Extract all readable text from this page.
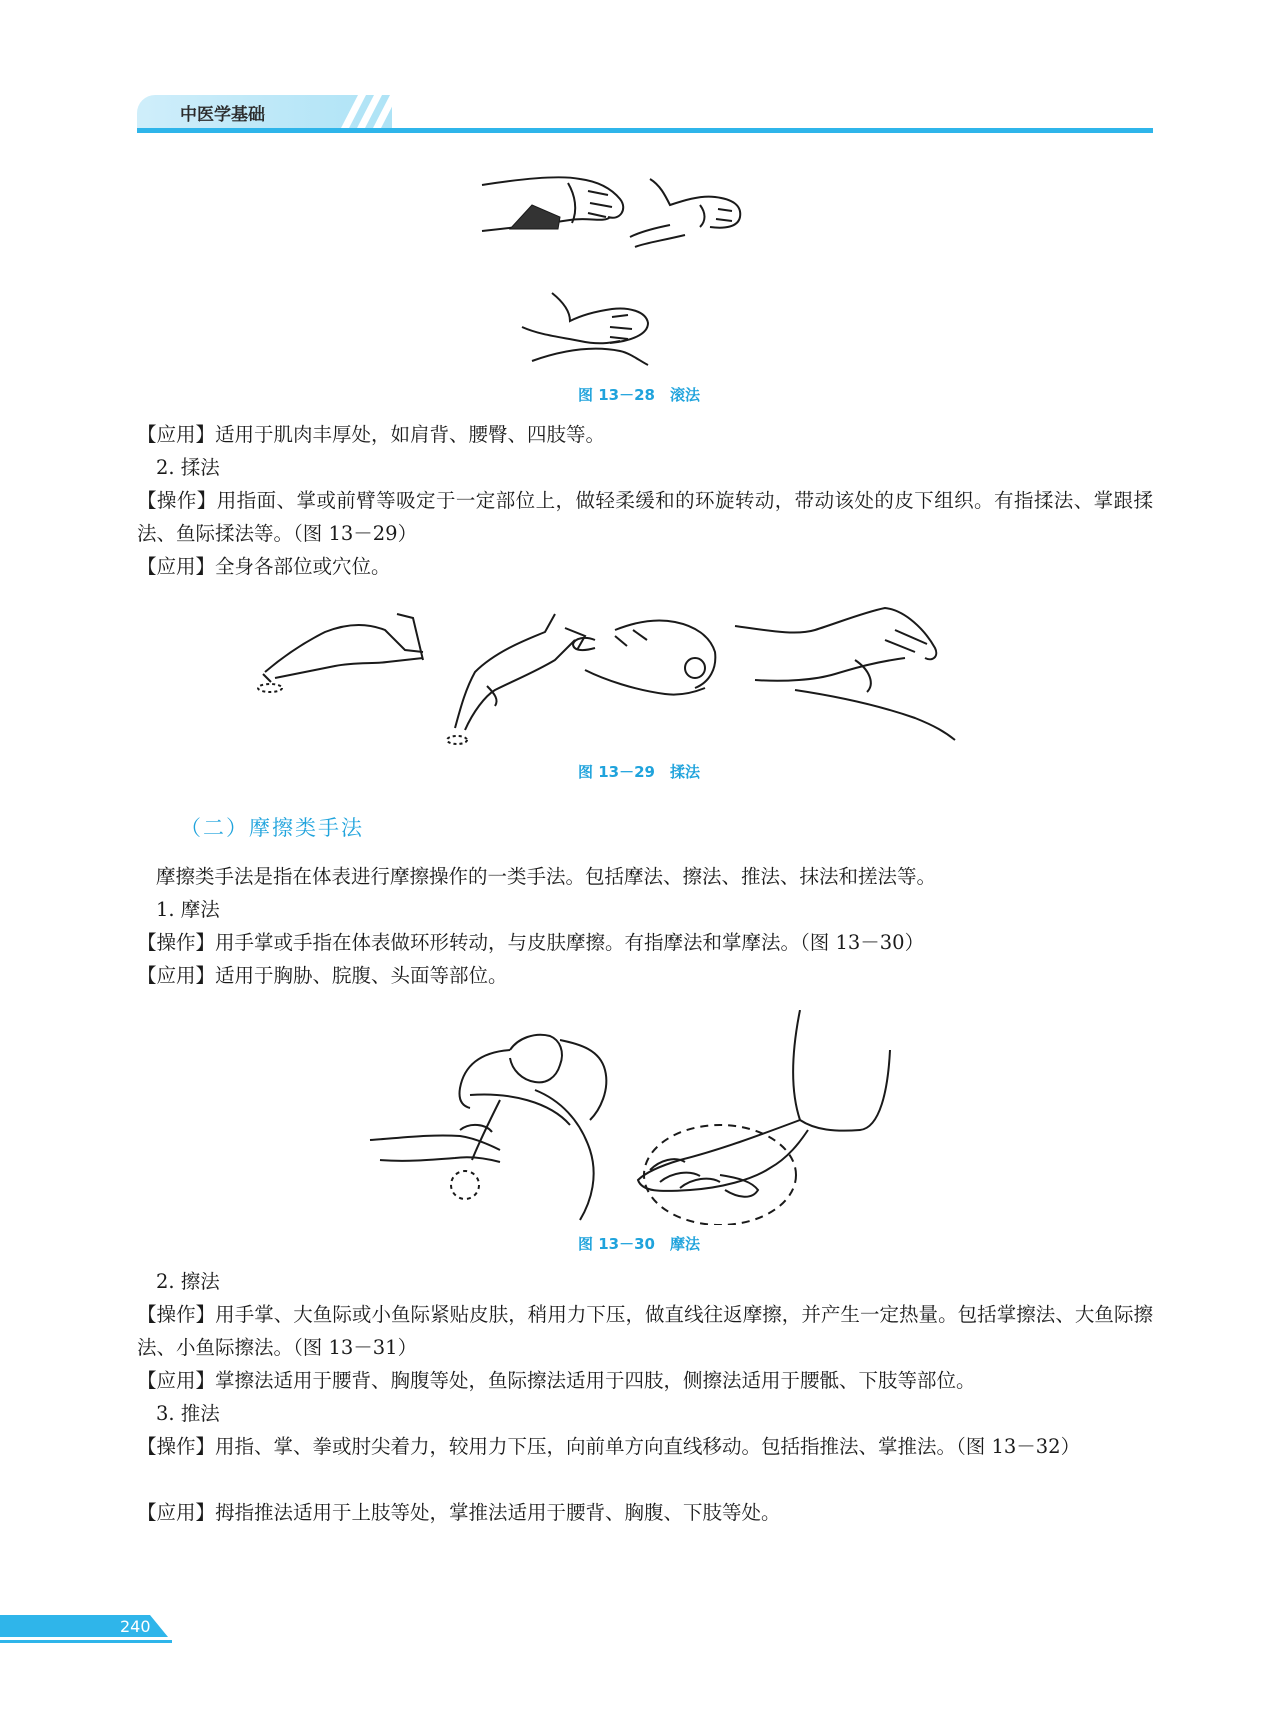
中医学基础
图 13－28　滚法
【应用】适用于肌肉丰厚处，如肩背、腰臀、四肢等。
2. 揉法
【操作】用指面、掌或前臂等吸定于一定部位上，做轻柔缓和的环旋转动，带动该处的皮下组织。有指揉法、掌跟揉法、鱼际揉法等。（图 13－29）
【应用】全身各部位或穴位。
图 13－29　揉法
（二）摩擦类手法
摩擦类手法是指在体表进行摩擦操作的一类手法。包括摩法、擦法、推法、抹法和搓法等。
1. 摩法
【操作】用手掌或手指在体表做环形转动，与皮肤摩擦。有指摩法和掌摩法。（图 13－30）
【应用】适用于胸胁、脘腹、头面等部位。
图 13－30　摩法
2. 擦法
【操作】用手掌、大鱼际或小鱼际紧贴皮肤，稍用力下压，做直线往返摩擦，并产生一定热量。包括掌擦法、大鱼际擦法、小鱼际擦法。（图 13－31）
【应用】掌擦法适用于腰背、胸腹等处，鱼际擦法适用于四肢，侧擦法适用于腰骶、下肢等部位。
3. 推法
【操作】用指、掌、拳或肘尖着力，较用力下压，向前单方向直线移动。包括指推法、掌推法。（图 13－32）
【应用】拇指推法适用于上肢等处，掌推法适用于腰背、胸腹、下肢等处。
240
